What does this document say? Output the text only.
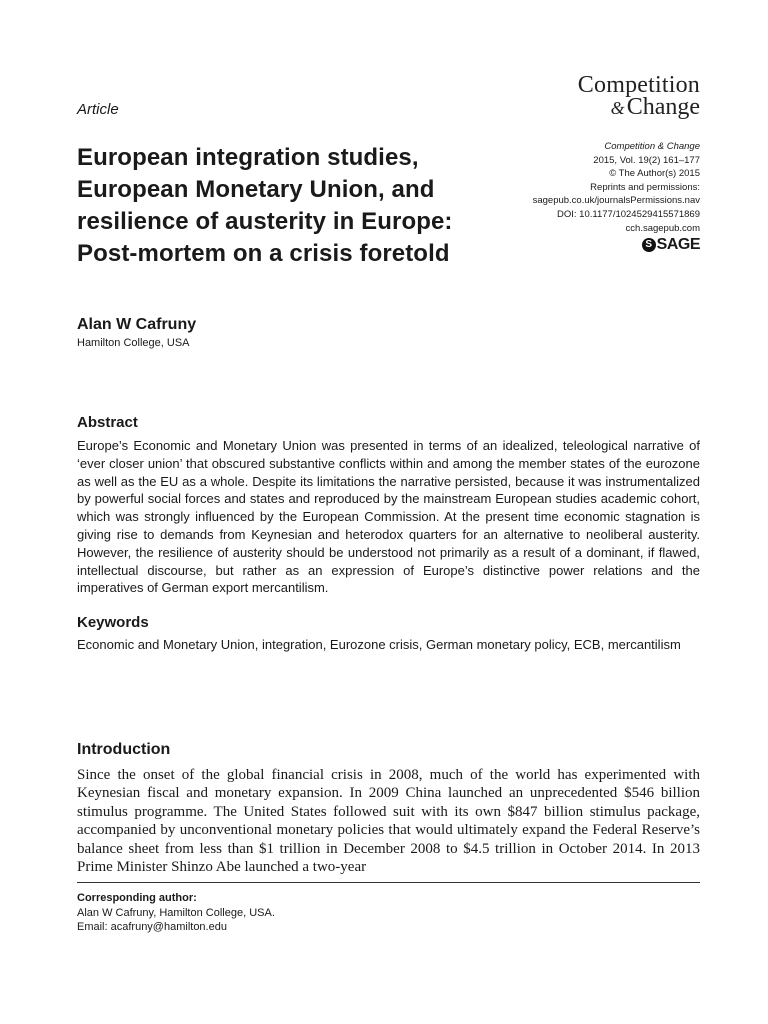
Article
Competition
&Change
European integration studies, European Monetary Union, and resilience of austerity in Europe: Post-mortem on a crisis foretold
Competition & Change
2015, Vol. 19(2) 161–177
© The Author(s) 2015
Reprints and permissions:
sagepub.co.uk/journalsPermissions.nav
DOI: 10.1177/1024529415571869
cch.sagepub.com
S SAGE
Alan W Cafruny
Hamilton College, USA
Abstract

Europe’s Economic and Monetary Union was presented in terms of an idealized, teleological narrative of ‘ever closer union’ that obscured substantive conflicts within and among the member states of the eurozone as well as the EU as a whole. Despite its limitations the narrative persisted, because it was instrumentalized by powerful social forces and states and reproduced by the mainstream European studies academic cohort, which was strongly influenced by the European Commission. At the present time economic stagnation is giving rise to demands from Keynesian and heterodox quarters for an alternative to neoliberal austerity. However, the resilience of austerity should be understood not primarily as a result of a dominant, if flawed, intellectual discourse, but rather as an expression of Europe’s distinctive power relations and the imperatives of German export mercantilism.

Keywords

Economic and Monetary Union, integration, Eurozone crisis, German monetary policy, ECB, mercantilism

Introduction

Since the onset of the global financial crisis in 2008, much of the world has experimented with Keynesian fiscal and monetary expansion. In 2009 China launched an unprecedented $546 billion stimulus programme. The United States followed suit with its own $847 billion stimulus package, accompanied by unconventional monetary policies that would ultimately expand the Federal Reserve’s balance sheet from less than $1 trillion in December 2008 to $4.5 trillion in October 2014. In 2013 Prime Minister Shinzo Abe launched a two-year

Corresponding author:
Alan W Cafruny, Hamilton College, USA.
Email: acafruny@hamilton.edu
